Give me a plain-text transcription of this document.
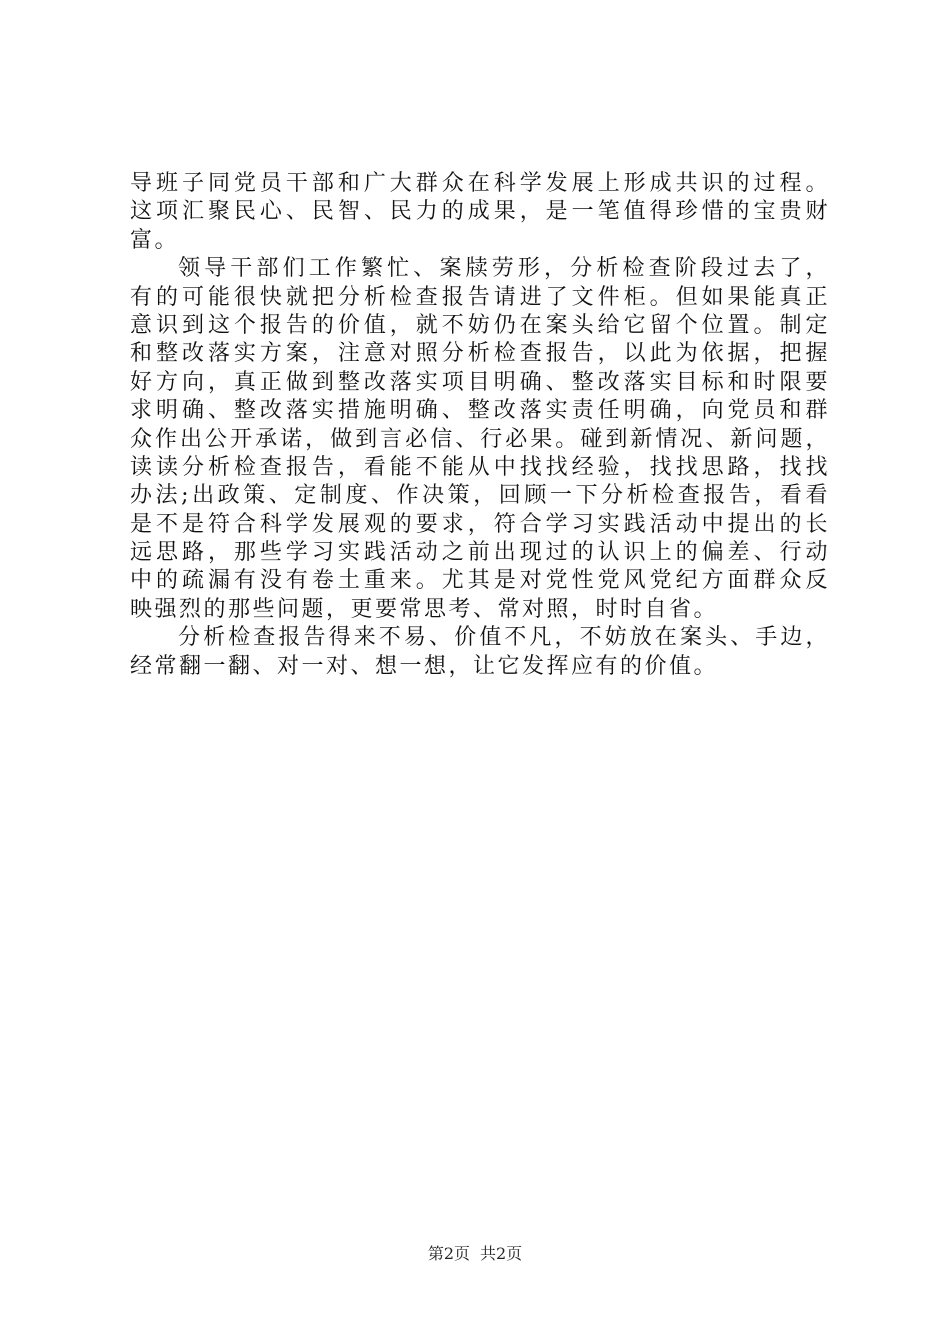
导班子同党员干部和广大群众在科学发展上形成共识的过程。
这项汇聚民心、民智、民力的成果，是一笔值得珍惜的宝贵财
富。
领导干部们工作繁忙、案牍劳形，分析检查阶段过去了，
有的可能很快就把分析检查报告请进了文件柜。但如果能真正
意识到这个报告的价值，就不妨仍在案头给它留个位置。制定
和整改落实方案，注意对照分析检查报告，以此为依据，把握
好方向，真正做到整改落实项目明确、整改落实目标和时限要
求明确、整改落实措施明确、整改落实责任明确，向党员和群
众作出公开承诺，做到言必信、行必果。碰到新情况、新问题，
读读分析检查报告，看能不能从中找找经验，找找思路，找找
办法;出政策、定制度、作决策，回顾一下分析检查报告，看看
是不是符合科学发展观的要求，符合学习实践活动中提出的长
远思路，那些学习实践活动之前出现过的认识上的偏差、行动
中的疏漏有没有卷土重来。尤其是对党性党风党纪方面群众反
映强烈的那些问题，更要常思考、常对照，时时自省。
分析检查报告得来不易、价值不凡，不妨放在案头、手边，
经常翻一翻、对一对、想一想，让它发挥应有的价值。
第2页 共2页
